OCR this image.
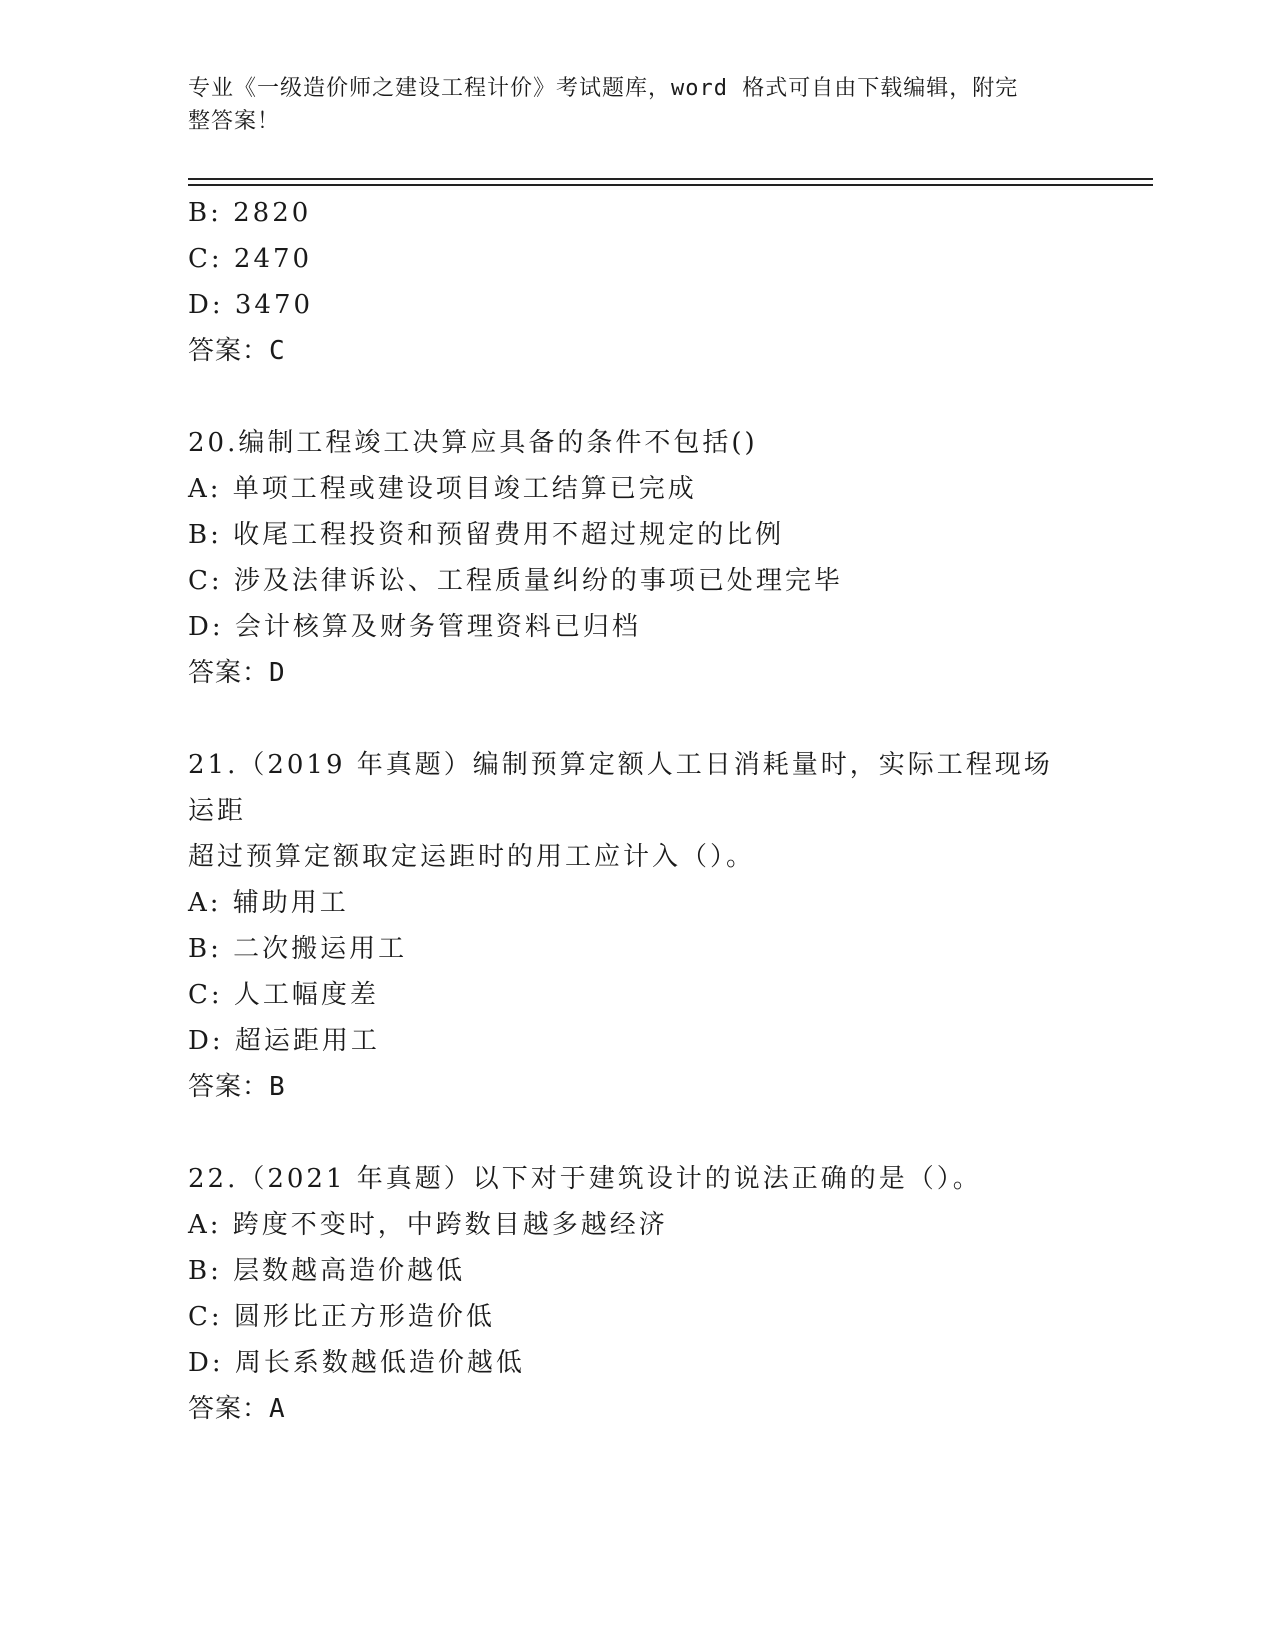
专业《一级造价师之建设工程计价》考试题库，word 格式可自由下载编辑，附完
整答案！
B: 2820
C: 2470
D: 3470
答案：C
20.编制工程竣工决算应具备的条件不包括()
A: 单项工程或建设项目竣工结算已完成
B: 收尾工程投资和预留费用不超过规定的比例
C: 涉及法律诉讼、工程质量纠纷的事项已处理完毕
D: 会计核算及财务管理资料已归档
答案：D
21.（2019 年真题）编制预算定额人工日消耗量时，实际工程现场运距
超过预算定额取定运距时的用工应计入（）。
A: 辅助用工
B: 二次搬运用工
C: 人工幅度差
D: 超运距用工
答案：B
22.（2021 年真题）以下对于建筑设计的说法正确的是（）。
A: 跨度不变时，中跨数目越多越经济
B: 层数越高造价越低
C: 圆形比正方形造价低
D: 周长系数越低造价越低
答案：A
